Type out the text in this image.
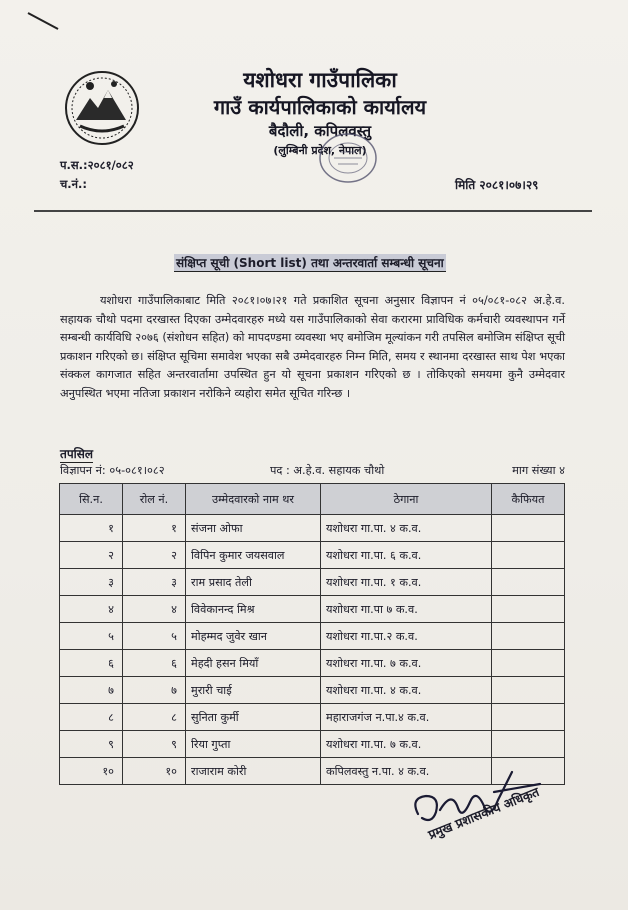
यशोधरा गाउँपालिका
गाउँ कार्यपालिकाको कार्यालय
बैदौली, कपिलवस्तु
(लुम्बिनी प्रदेश, नेपाल)
प.स.:२०८१/०८२
च.नं.:	मिति २०८१।०७।२९
संक्षिप्त सूची (Short list) तथा अन्तरवार्ता सम्बन्धी सूचना
यशोधरा गाउँपालिकाबाट मिति २०८१।०७।२१ गते प्रकाशित सूचना अनुसार विज्ञापन नं ०५/०८१-०८२ अ.हे.व. सहायक चौथो पदमा दरखास्त दिएका उम्मेदवारहरु मध्ये यस गाउँपालिकाको सेवा करारमा प्राविधिक कर्मचारी व्यवस्थापन गर्ने सम्बन्धी कार्यविधि २०७६ (संशोधन सहित) को मापदण्डमा व्यवस्था भए बमोजिम मूल्यांकन गरी तपसिल बमोजिम संक्षिप्त सूची प्रकाशन गरिएको छ। संक्षिप्त सूचिमा समावेश भएका सबै उम्मेदवारहरु निम्न मिति, समय र स्थानमा दरखास्त साथ पेश भएका संक्कल कागजात सहित अन्तरवार्तामा उपस्थित हुन यो सूचना प्रकाशन गरिएको छ । तोकिएको समयमा कुनै उम्मेदवार अनुपस्थित भएमा नतिजा प्रकाशन नरोकिने व्यहोरा समेत सूचित गरिन्छ ।
तपसिल
विज्ञापन नं: ०५-०८१।०८२	पद : अ.हे.व. सहायक चौथो	माग संख्या ४
सि.न.	रोल नं.	उम्मेदवारको नाम थर	ठेगाना	कैफियत
१	१	संजना ओफा	यशोधरा गा.पा. ४ क.व.	
२	२	विपिन कुमार जयसवाल	यशोधरा गा.पा. ६ क.व.	
३	३	राम प्रसाद तेली	यशोधरा गा.पा. १ क.व.	
४	४	विवेकानन्द मिश्र	यशोधरा गा.पा ७ क.व.	
५	५	मोहम्मद जुवेर खान	यशोधरा गा.पा.२ क.व.	
६	६	मेहदी हसन मियाँ	यशोधरा गा.पा. ७ क.व.	
७	७	मुरारी चाई	यशोधरा गा.पा. ४ क.व.	
८	८	सुनिता कुर्मी	महाराजगंज न.पा.४ क.व.	
९	९	रिया गुप्ता	यशोधरा गा.पा. ७ क.व.	
१०	१०	राजाराम कोरी	कपिलवस्तु न.पा. ४ क.व.	
प्रमुख प्रशासकीय अधिकृत
